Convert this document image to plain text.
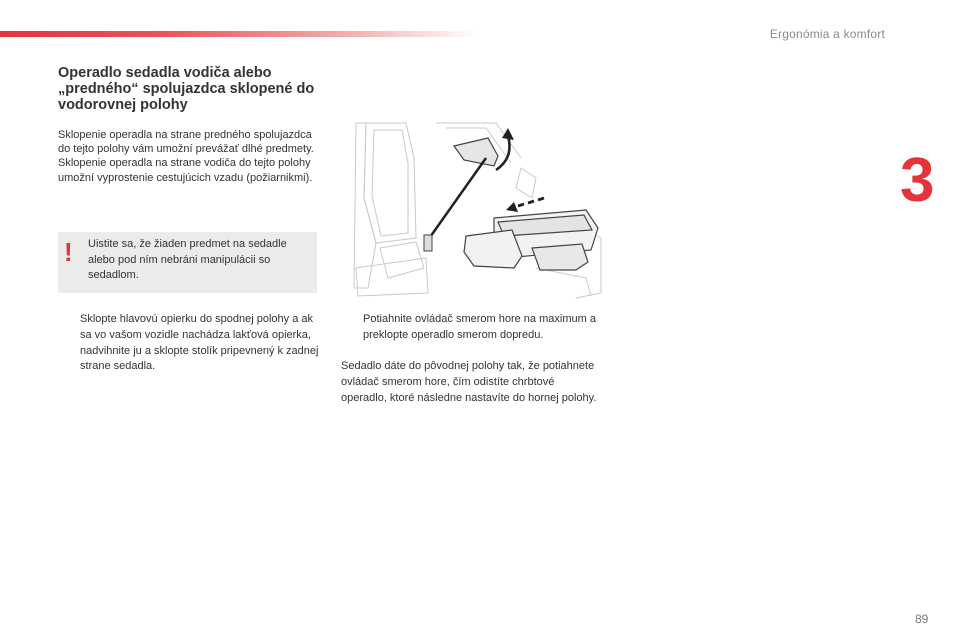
Ergonómia a komfort
3
Operadlo sedadla vodiča alebo „predného“ spolujazdca sklopené do vodorovnej polohy
Sklopenie operadla na strane predného spolujazdca do tejto polohy vám umožní prevážať dlhé predmety.
Sklopenie operadla na strane vodiča do tejto polohy umožní vyprostenie cestujúcich vzadu (požiarnikmi).
! Uistite sa, že žiaden predmet na sedadle alebo pod ním nebráni manipulácii so sedadlom.
Sklopte hlavovú opierku do spodnej polohy a ak sa vo vašom vozidle nachádza lakťová opierka, nadvihnite ju a sklopte stolík pripevnený k zadnej strane sedadla.
Potiahnite ovládač smerom hore na maximum a preklopte operadlo smerom dopredu.
Sedadlo dáte do pôvodnej polohy tak, že potiahnete ovládač smerom hore, čím odistíte chrbtové operadlo, ktoré následne nastavíte do hornej polohy.
89
